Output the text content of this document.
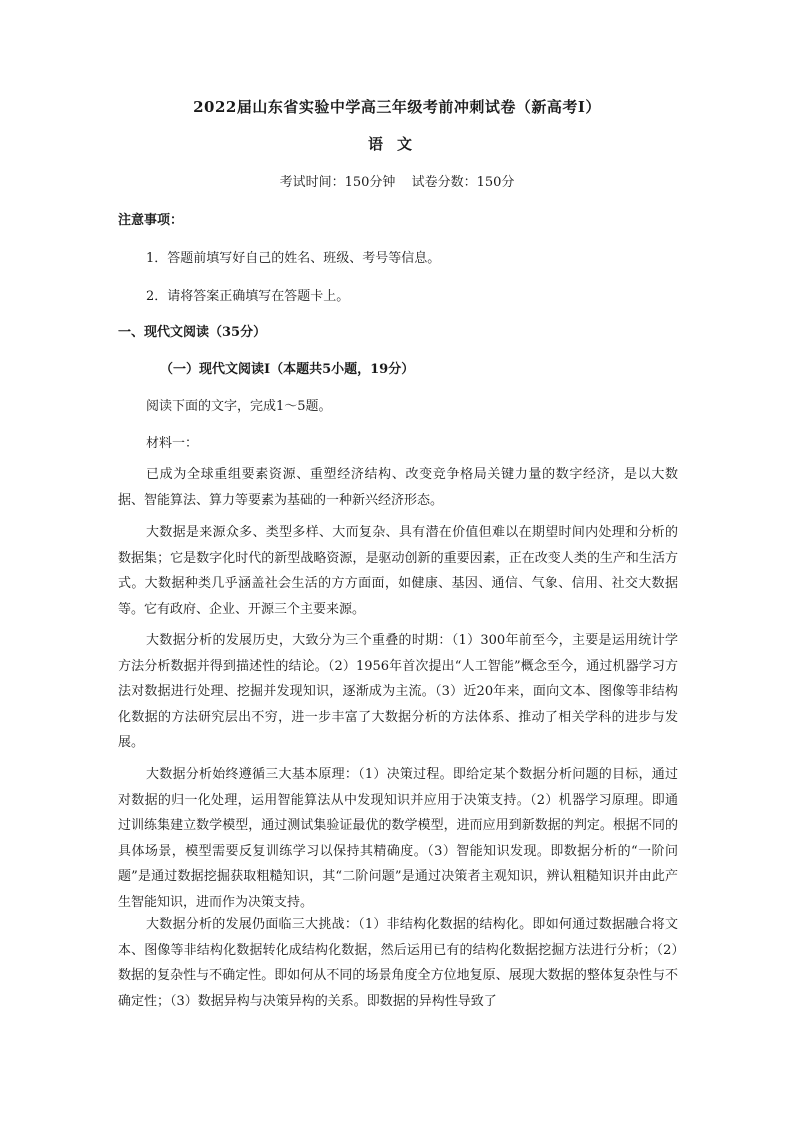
2022届山东省实验中学高三年级考前冲刺试卷（新高考Ⅰ）
语文
考试时间：150分钟 试卷分数：150分
注意事项：
1．答题前填写好自己的姓名、班级、考号等信息。
2．请将答案正确填写在答题卡上。
一、现代文阅读（35分）
（一）现代文阅读Ⅰ（本题共5小题，19分）
阅读下面的文字，完成1～5题。
材料一：

已成为全球重组要素资源、重塑经济结构、改变竞争格局关键力量的数字经济，是以大数据、智能算法、算力等要素为基础的一种新兴经济形态。

大数据是来源众多、类型多样、大而复杂、具有潜在价值但难以在期望时间内处理和分析的数据集；它是数字化时代的新型战略资源，是驱动创新的重要因素，正在改变人类的生产和生活方式。大数据种类几乎涵盖社会生活的方方面面，如健康、基因、通信、气象、信用、社交大数据等。它有政府、企业、开源三个主要来源。

大数据分析的发展历史，大致分为三个重叠的时期：（1）300年前至今，主要是运用统计学方法分析数据并得到描述性的结论。（2）1956年首次提出“人工智能”概念至今，通过机器学习方法对数据进行处理、挖掘并发现知识，逐渐成为主流。（3）近20年来，面向文本、图像等非结构化数据的方法研究层出不穷，进一步丰富了大数据分析的方法体系、推动了相关学科的进步与发展。

大数据分析始终遵循三大基本原理：（1）决策过程。即给定某个数据分析问题的目标，通过对数据的归一化处理，运用智能算法从中发现知识并应用于决策支持。（2）机器学习原理。即通过训练集建立数学模型，通过测试集验证最优的数学模型，进而应用到新数据的判定。根据不同的具体场景，模型需要反复训练学习以保持其精确度。（3）智能知识发现。即数据分析的“一阶问题”是通过数据挖掘获取粗糙知识，其“二阶问题”是通过决策者主观知识，辨认粗糙知识并由此产生智能知识，进而作为决策支持。

大数据分析的发展仍面临三大挑战：（1）非结构化数据的结构化。即如何通过数据融合将文本、图像等非结构化数据转化成结构化数据，然后运用已有的结构化数据挖掘方法进行分析；（2）数据的复杂性与不确定性。即如何从不同的场景角度全方位地复原、展现大数据的整体复杂性与不确定性；（3）数据异构与决策异构的关系。即数据的异构性导致了
